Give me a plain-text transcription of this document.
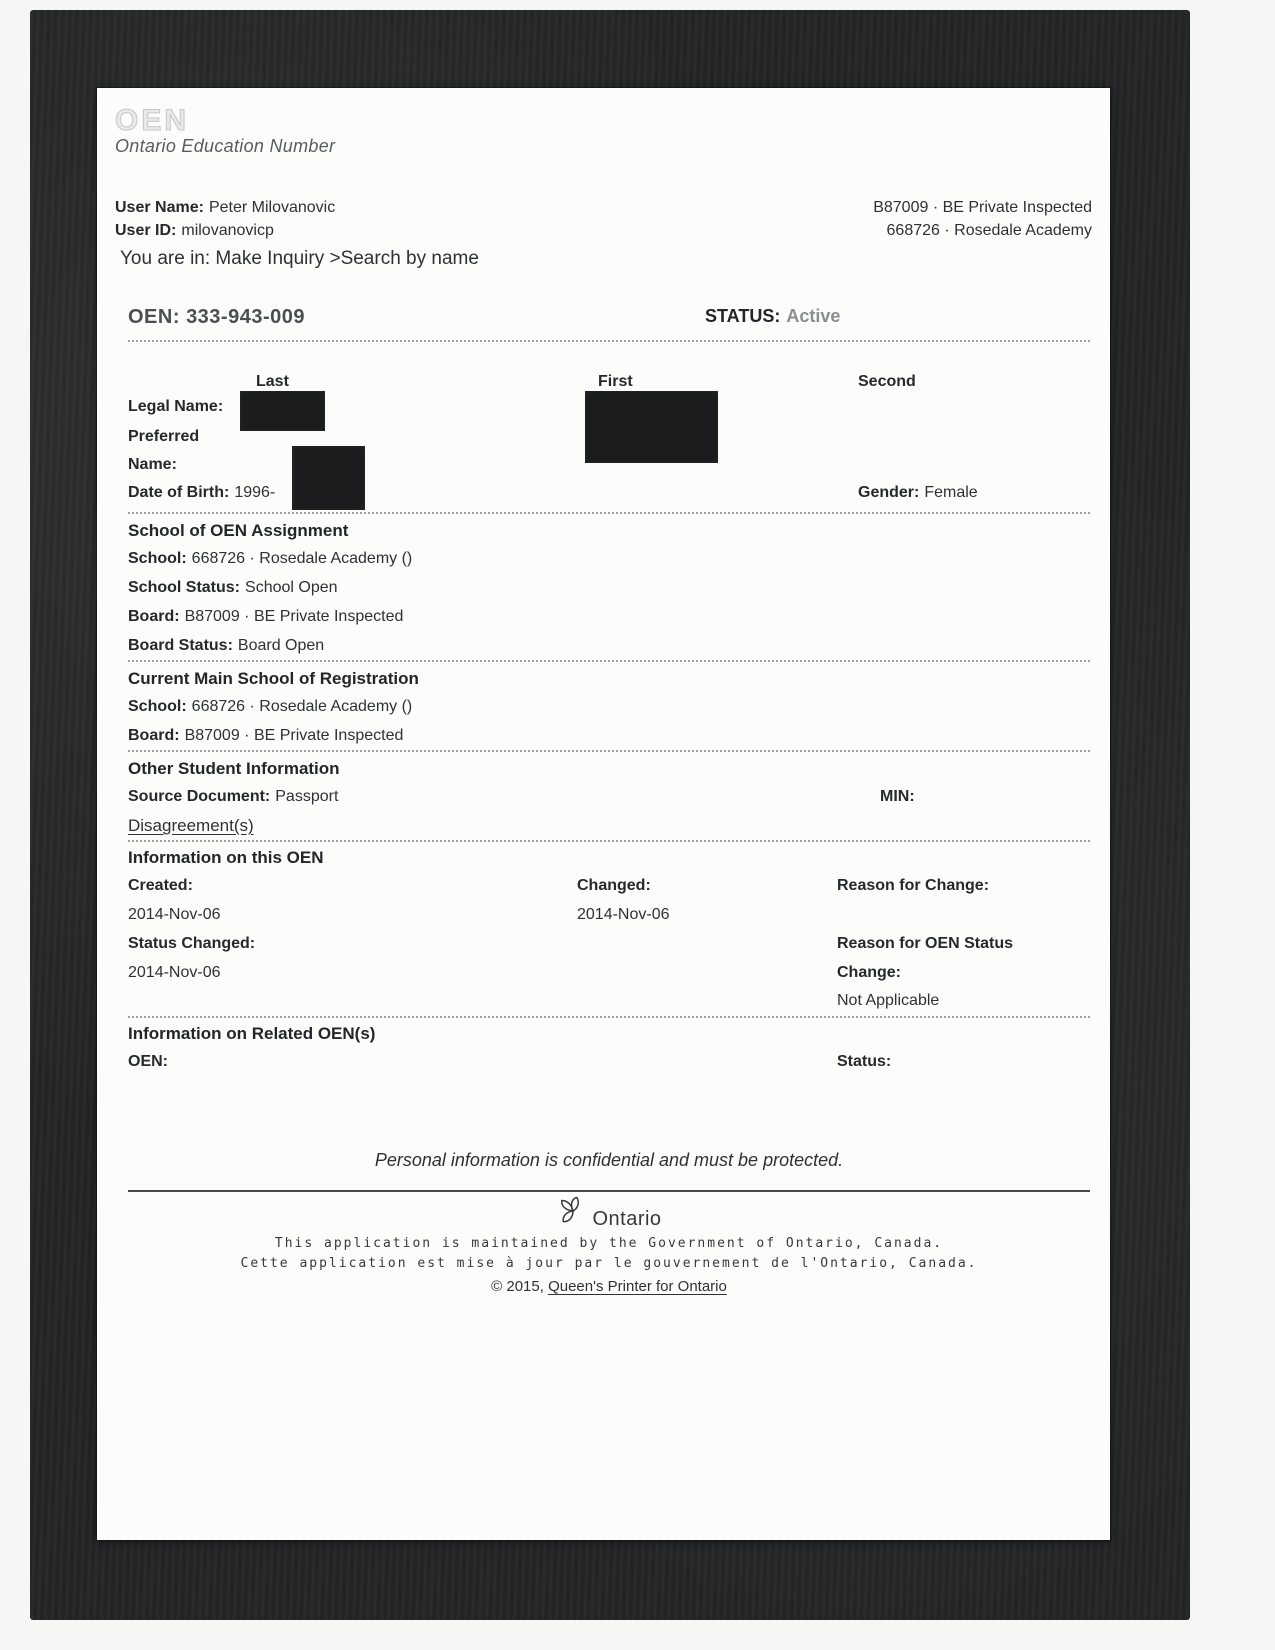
OEN
Ontario Education Number
User Name: Peter Milovanovic
User ID: milovanovicp
B87009 · BE Private Inspected
668726 · Rosedale Academy
You are in: Make Inquiry >Search by name
OEN: 333-943-009	STATUS: Active
Last	First	Second
Legal Name:
Preferred
Name:
Date of Birth: 1996-	Gender: Female
School of OEN Assignment
School: 668726 · Rosedale Academy ()
School Status: School Open
Board: B87009 · BE Private Inspected
Board Status: Board Open
Current Main School of Registration
School: 668726 · Rosedale Academy ()
Board: B87009 · BE Private Inspected
Other Student Information
Source Document: Passport	MIN:
Disagreement(s)
Information on this OEN
Created:	Changed:	Reason for Change:
2014-Nov-06	2014-Nov-06
Status Changed:	Reason for OEN Status
2014-Nov-06	Change:
Not Applicable
Information on Related OEN(s)
OEN:	Status:
Personal information is confidential and must be protected.
Ontario
This application is maintained by the Government of Ontario, Canada.
Cette application est mise à jour par le gouvernement de l'Ontario, Canada.
© 2015, Queen's Printer for Ontario
